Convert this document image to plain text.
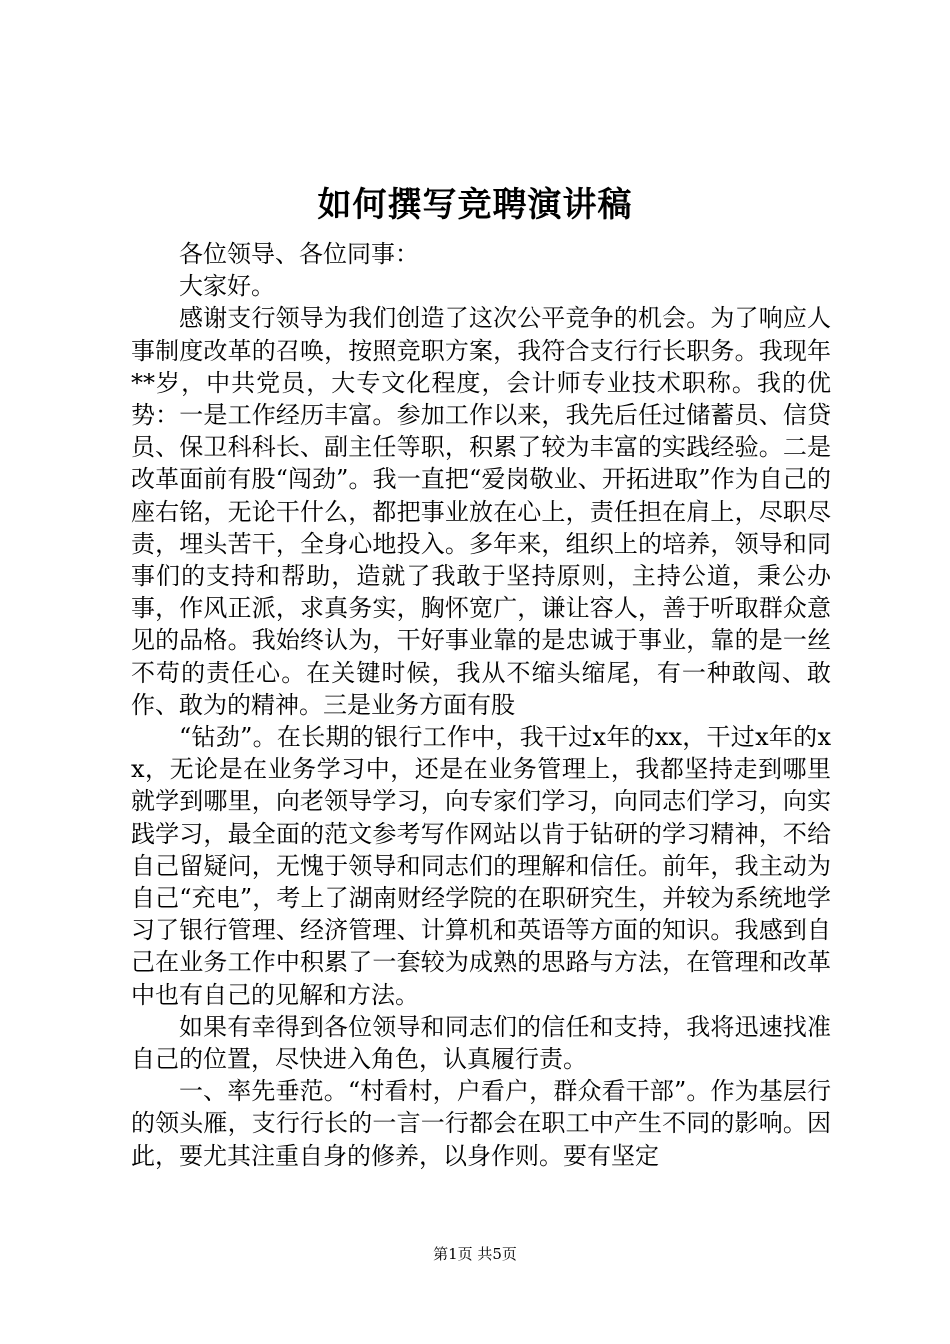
如何撰写竞聘演讲稿

各位领导、各位同事：

大家好。

感谢支行领导为我们创造了这次公平竞争的机会。为了响应人事制度改革的召唤，按照竞职方案，我符合支行行长职务。我现年**岁，中共党员，大专文化程度，会计师专业技术职称。我的优势：一是工作经历丰富。参加工作以来，我先后任过储蓄员、信贷员、保卫科科长、副主任等职，积累了较为丰富的实践经验。二是改革面前有股“闯劲”。我一直把“爱岗敬业、开拓进取”作为自己的座右铭，无论干什么，都把事业放在心上，责任担在肩上，尽职尽责，埋头苦干，全身心地投入。多年来，组织上的培养，领导和同事们的支持和帮助，造就了我敢于坚持原则，主持公道，秉公办事，作风正派，求真务实，胸怀宽广，谦让容人，善于听取群众意见的品格。我始终认为，干好事业靠的是忠诚于事业，靠的是一丝不苟的责任心。在关键时候，我从不缩头缩尾，有一种敢闯、敢作、敢为的精神。三是业务方面有股

“钻劲”。在长期的银行工作中，我干过x年的xx，干过x年的xx，无论是在业务学习中，还是在业务管理上，我都坚持走到哪里就学到哪里，向老领导学习，向专家们学习，向同志们学习，向实践学习，最全面的范文参考写作网站以肯于钻研的学习精神，不给自己留疑问，无愧于领导和同志们的理解和信任。前年，我主动为自己“充电”，考上了湖南财经学院的在职研究生，并较为系统地学习了银行管理、经济管理、计算机和英语等方面的知识。我感到自己在业务工作中积累了一套较为成熟的思路与方法，在管理和改革中也有自己的见解和方法。

如果有幸得到各位领导和同志们的信任和支持，我将迅速找准自己的位置，尽快进入角色，认真履行责。

一、率先垂范。“村看村，户看户，群众看干部”。作为基层行的领头雁，支行行长的一言一行都会在职工中产生不同的影响。因此，要尤其注重自身的修养，以身作则。要有坚定

第1页 共5页
